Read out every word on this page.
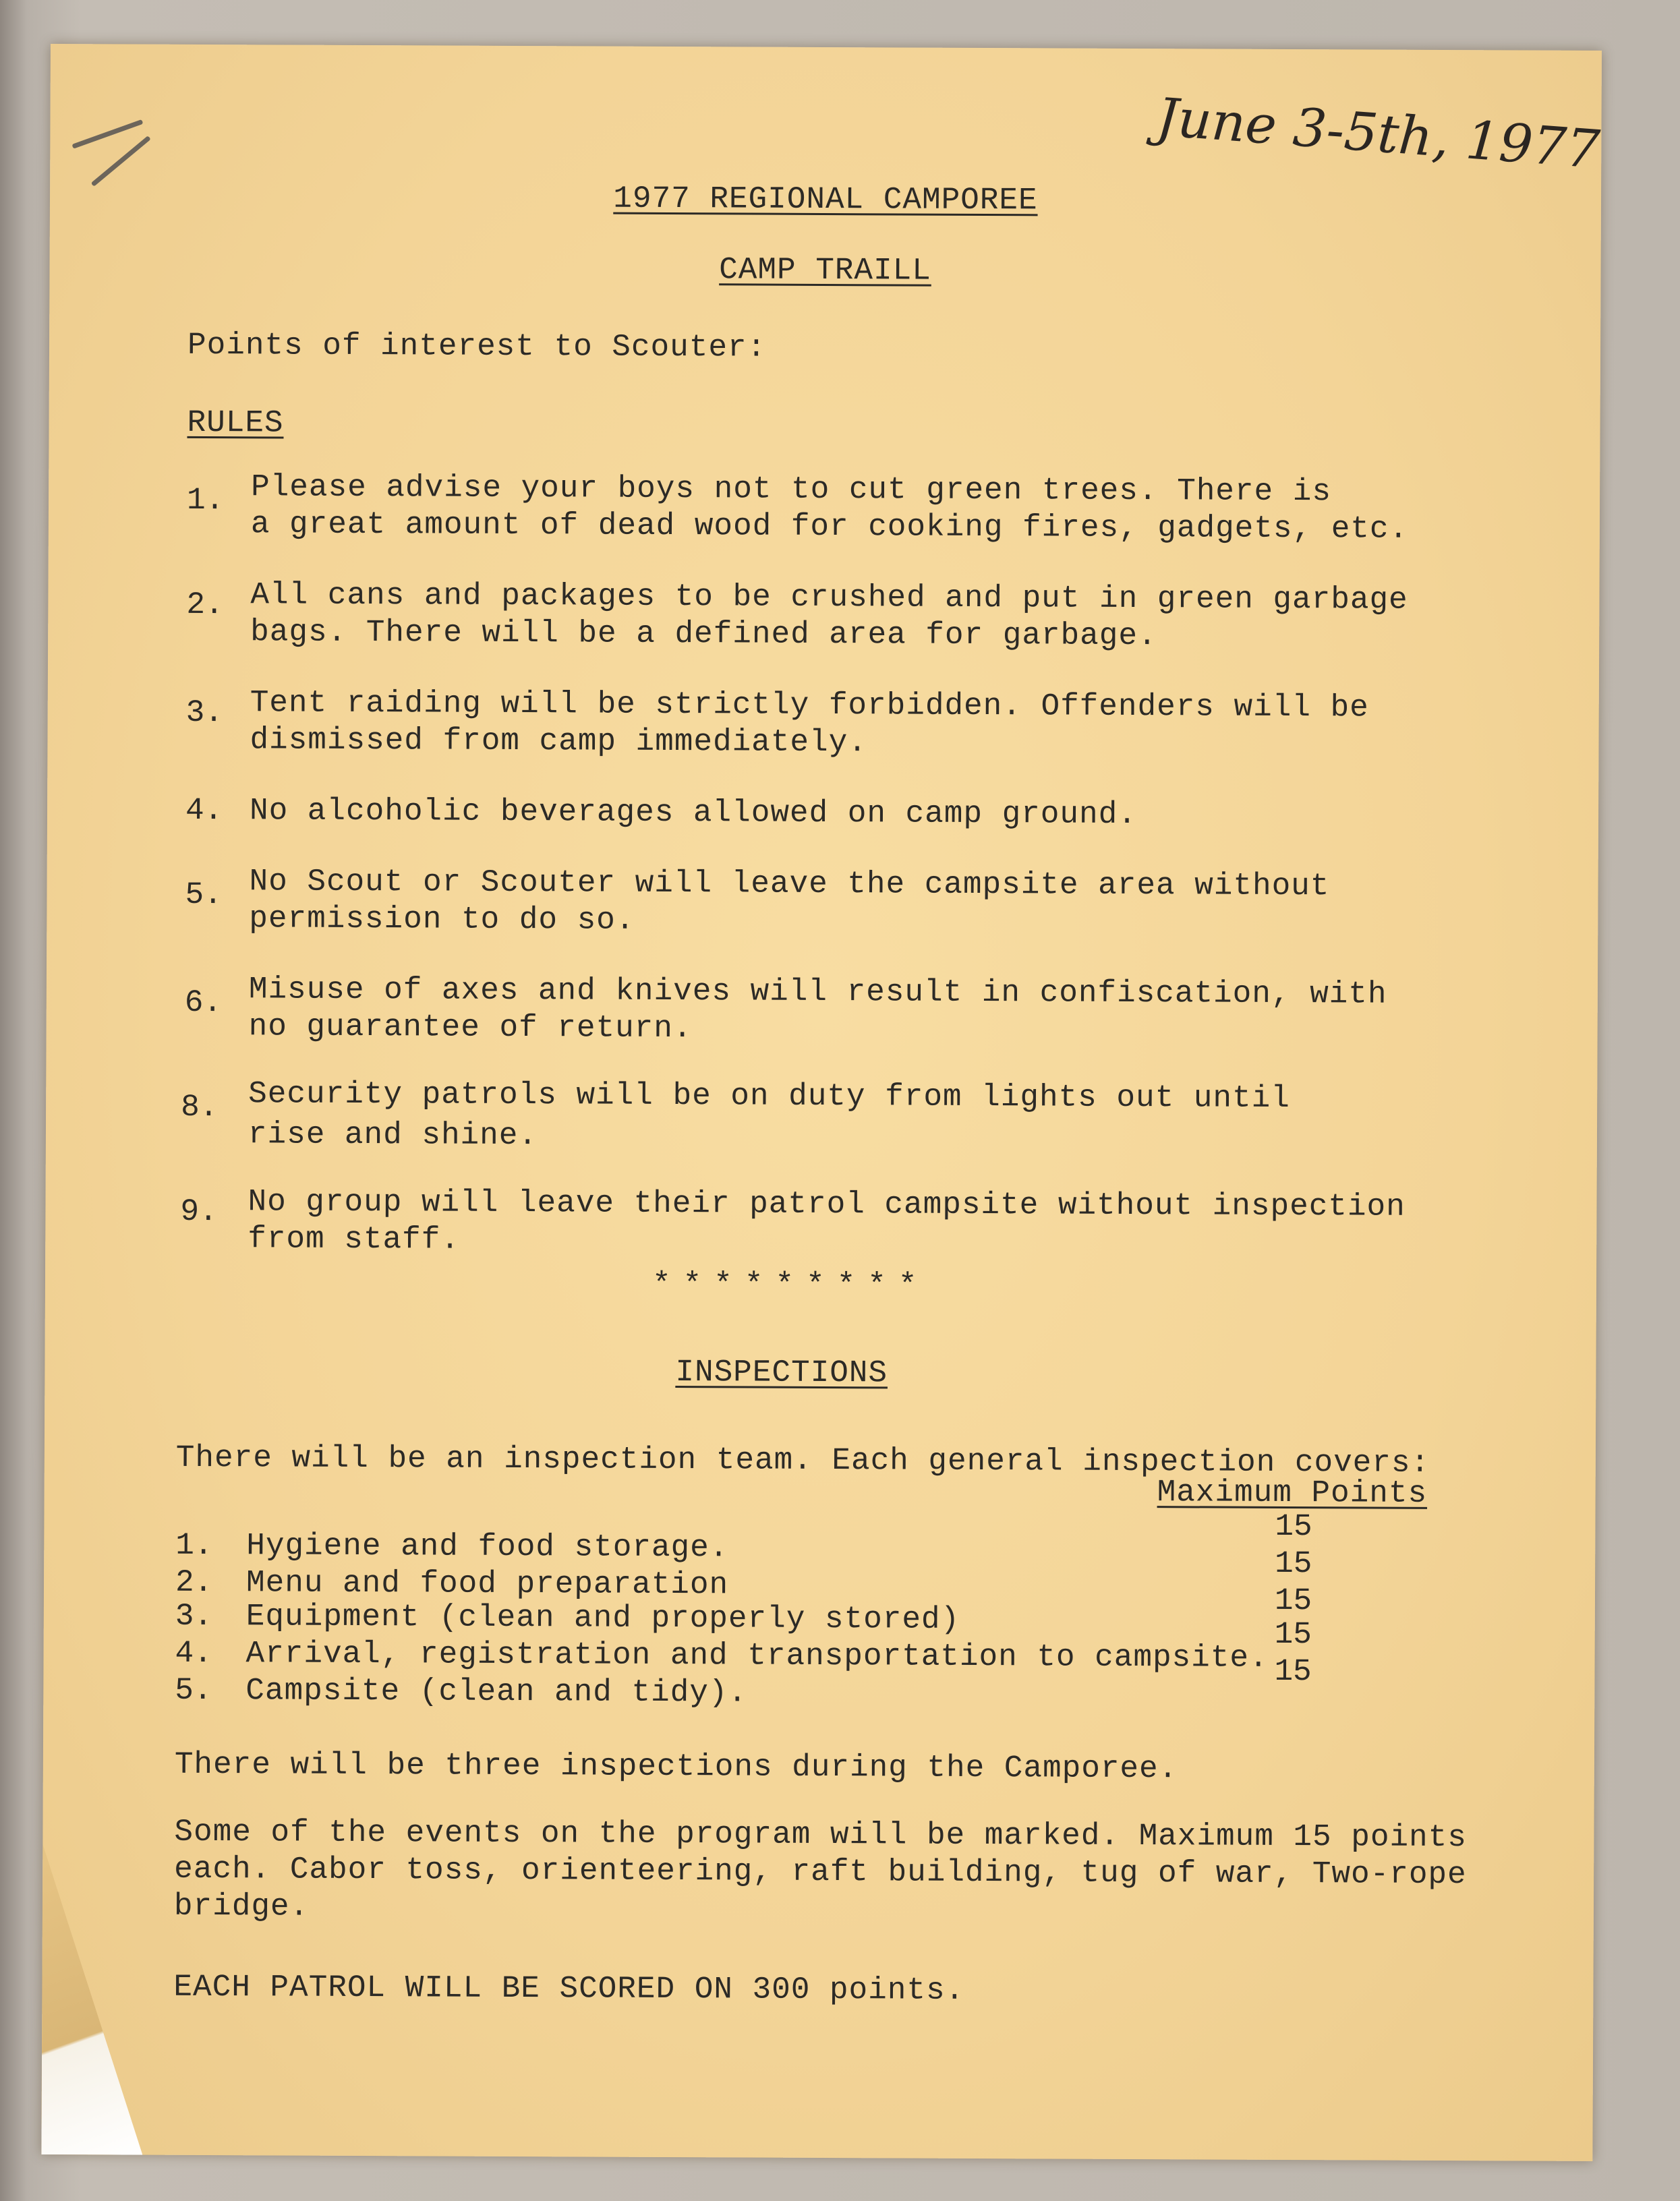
June 3-5th, 1977
1977 REGIONAL CAMPOREE
CAMP TRAILL
Points of interest to Scouter:
RULES
1. Please advise your boys not to cut green trees. There is
a great amount of dead wood for cooking fires, gadgets, etc.
2. All cans and packages to be crushed and put in green garbage
bags. There will be a defined area for garbage.
3. Tent raiding will be strictly forbidden. Offenders will be
dismissed from camp immediately.
4. No alcoholic beverages allowed on camp ground.
5. No Scout or Scouter will leave the campsite area without
permission to do so.
6. Misuse of axes and knives will result in confiscation, with
no guarantee of return.
8. Security patrols will be on duty from lights out until
rise and shine.
9. No group will leave their patrol campsite without inspection
from staff.
*********
INSPECTIONS
There will be an inspection team. Each general inspection covers:
Maximum Points
1. Hygiene and food storage.
15
2. Menu and food preparation
15
3. Equipment (clean and properly stored)	15
4. Arrival, registration and transportation to campsite.
15
5. Campsite (clean and tidy).
15
There will be three inspections during the Camporee.
Some of the events on the program will be marked. Maximum 15 points
each. Cabor toss, orienteering, raft building, tug of war, Two-rope
bridge.
EACH PATROL WILL BE SCORED ON 300 points.
